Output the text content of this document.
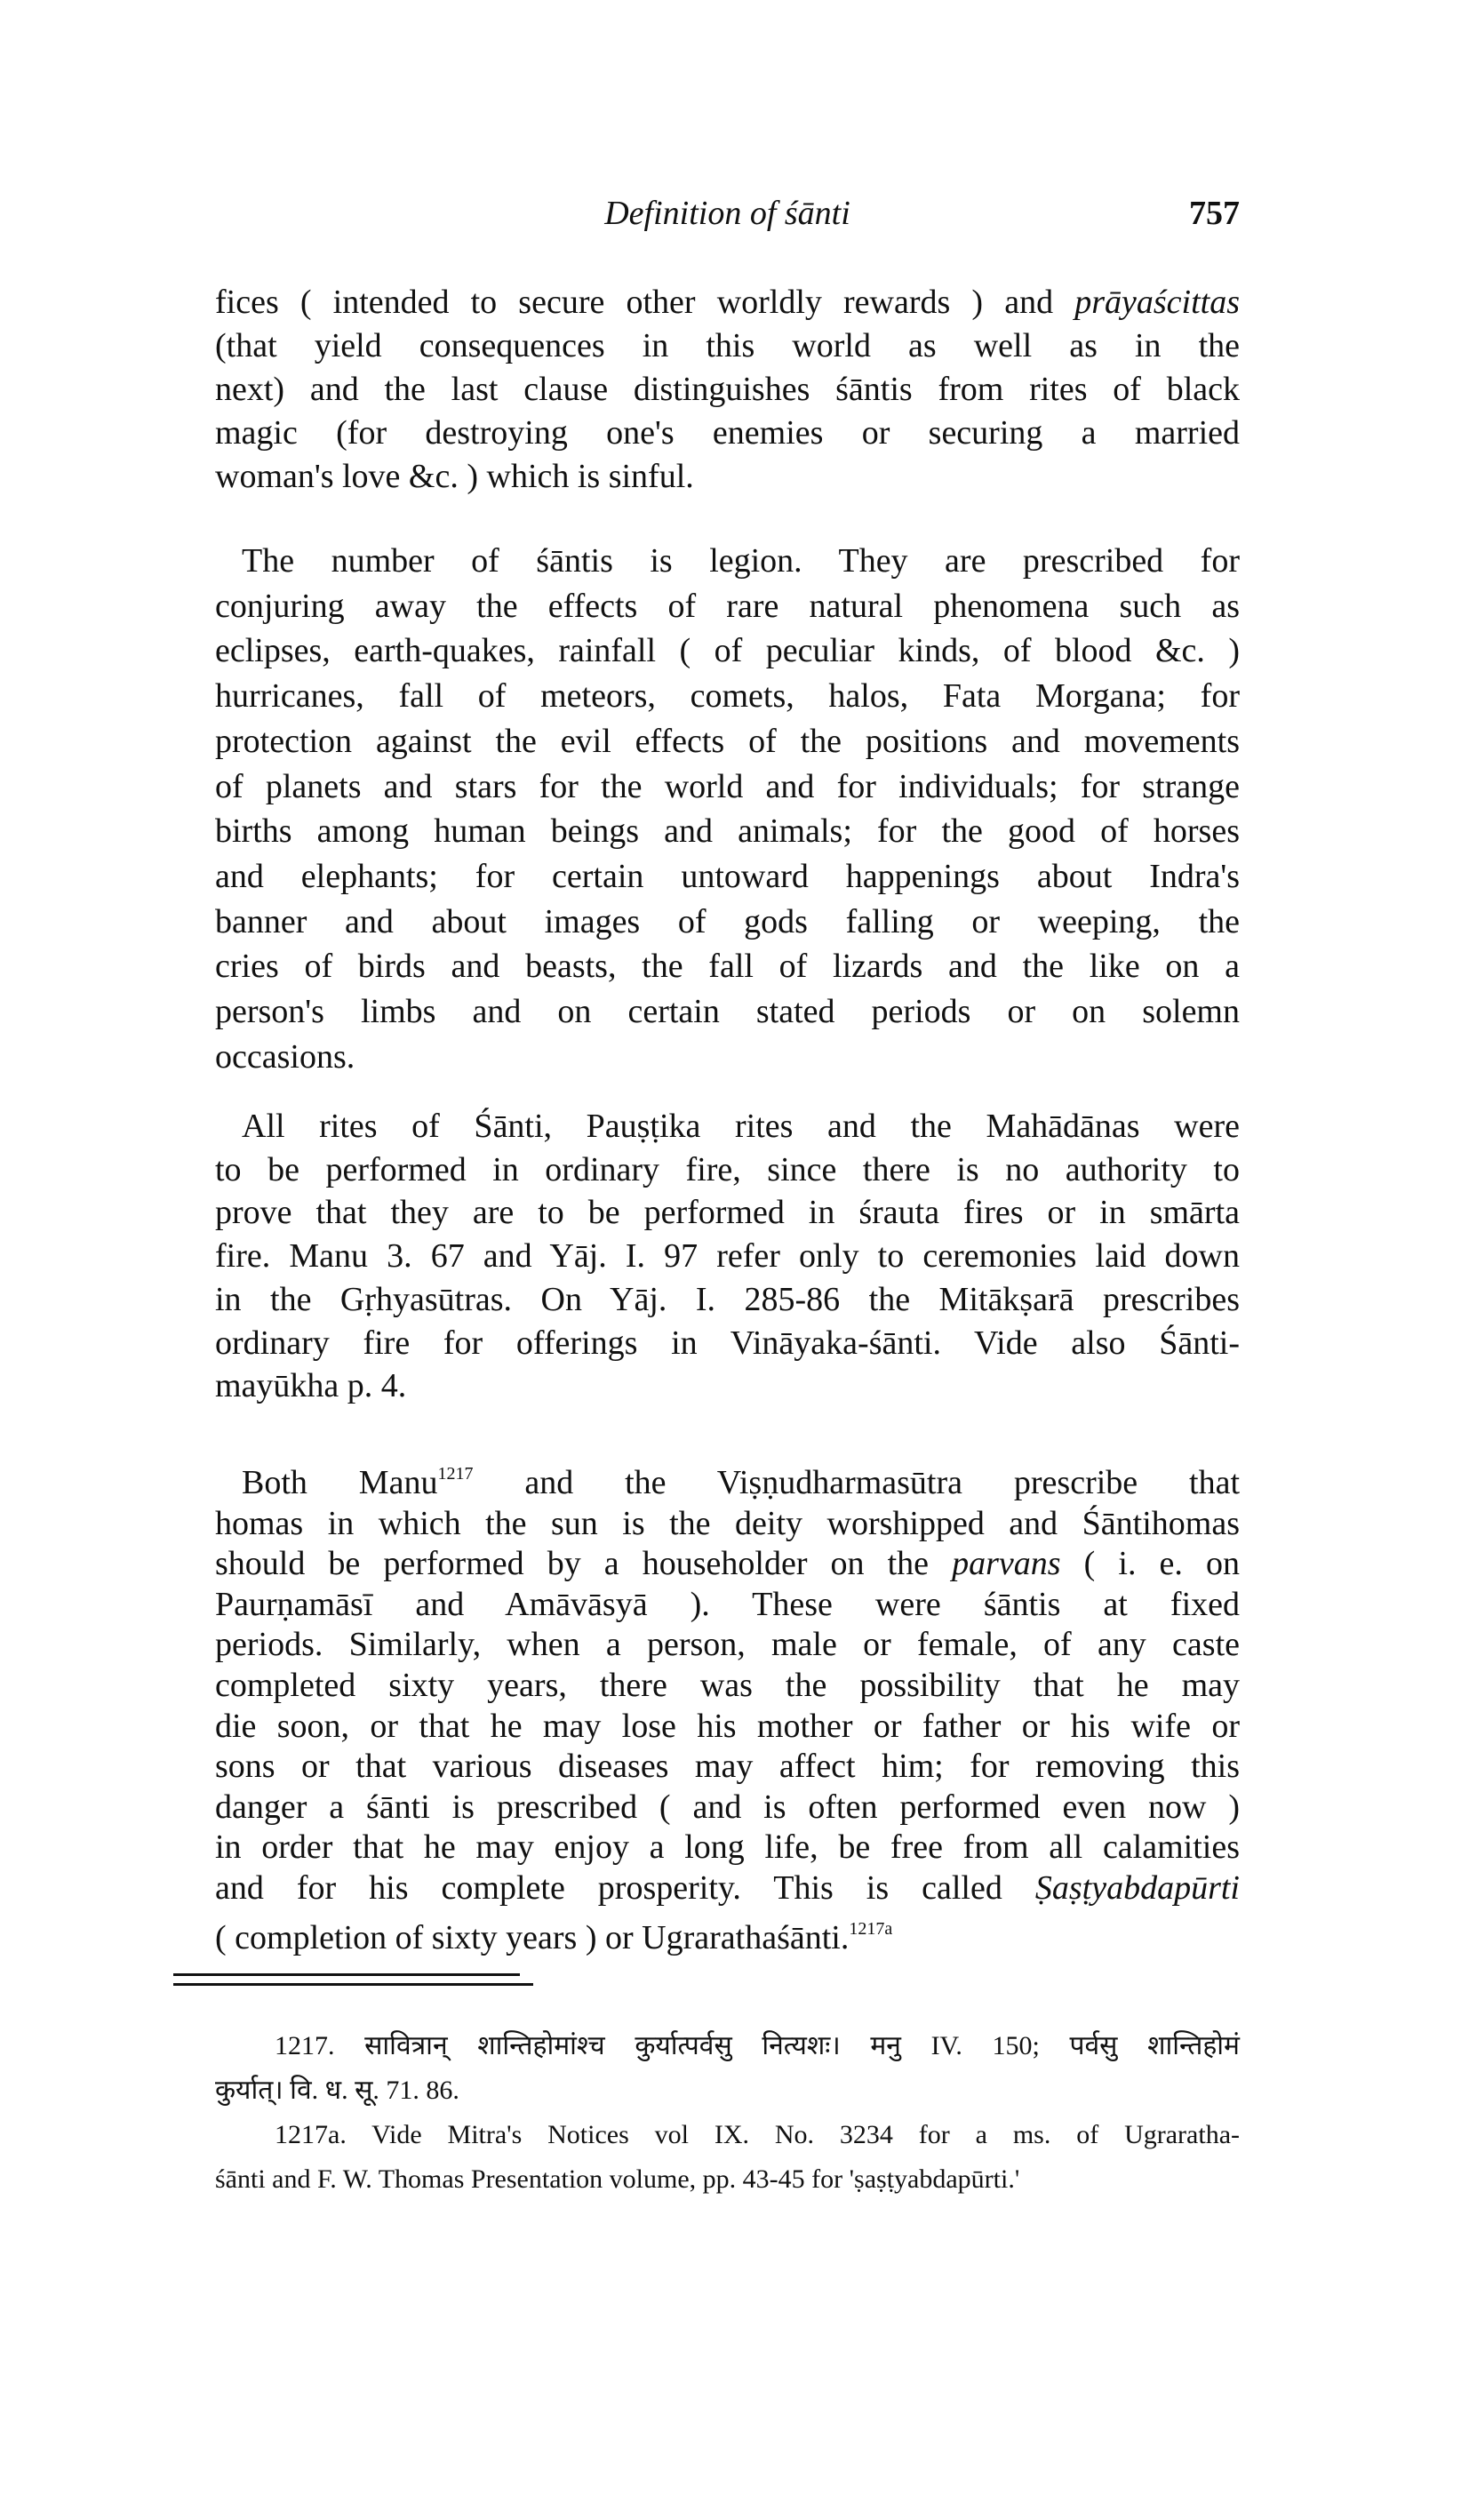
Definition of śānti	757
fices ( intended to secure other worldly rewards ) and prāyaścittas
(that yield consequences in this world as well as in the
next) and the last clause distinguishes śāntis from rites of black
magic (for destroying one's enemies or securing a married
woman's love &c. ) which is sinful.
The number of śāntis is legion. They are prescribed for
conjuring away the effects of rare natural phenomena such as
eclipses, earth-quakes, rainfall ( of peculiar kinds, of blood &c. )
hurricanes, fall of meteors, comets, halos, Fata Morgana; for
protection against the evil effects of the positions and movements
of planets and stars for the world and for individuals; for strange
births among human beings and animals; for the good of horses
and elephants; for certain untoward happenings about Indra's
banner and about images of gods falling or weeping, the
cries of birds and beasts, the fall of lizards and the like on a
person's limbs and on certain stated periods or on solemn
occasions.
All rites of Śānti, Pauṣṭika rites and the Mahādānas were
to be performed in ordinary fire, since there is no authority to
prove that they are to be performed in śrauta fires or in smārta
fire. Manu 3. 67 and Yāj. I. 97 refer only to ceremonies laid down
in the Gṛhyasūtras. On Yāj. I. 285-86 the Mitākṣarā prescribes
ordinary fire for offerings in Vināyaka-śānti. Vide also Śānti-
mayūkha p. 4.
Both Manu$^{1217}$ and the Viṣṇudharmasūtra prescribe that
homas in which the sun is the deity worshipped and Śāntihomas
should be performed by a householder on the parvans ( i. e. on
Paurṇamāsī and Amāvāsyā ). These were śāntis at fixed
periods. Similarly, when a person, male or female, of any caste
completed sixty years, there was the possibility that he may
die soon, or that he may lose his mother or father or his wife or
sons or that various diseases may affect him; for removing this
danger a śānti is prescribed ( and is often performed even now )
in order that he may enjoy a long life, be free from all calamities
and for his complete prosperity. This is called Ṣaṣṭyabdapūrti
( completion of sixty years ) or Ugrarathaśānti.$^{1217a}$
1217. सावित्रान् शान्तिहोमांश्च कुर्यात्पर्वसु नित्यशः। मनु IV. 150; पर्वसु शान्तिहोमं
कुर्यात्। वि. ध. सू. 71. 86.
1217a. Vide Mitra's Notices vol IX. No. 3234 for a ms. of Ugraratha-
śānti and F. W. Thomas Presentation volume, pp. 43-45 for 'ṣaṣṭyabdapūrti.'
